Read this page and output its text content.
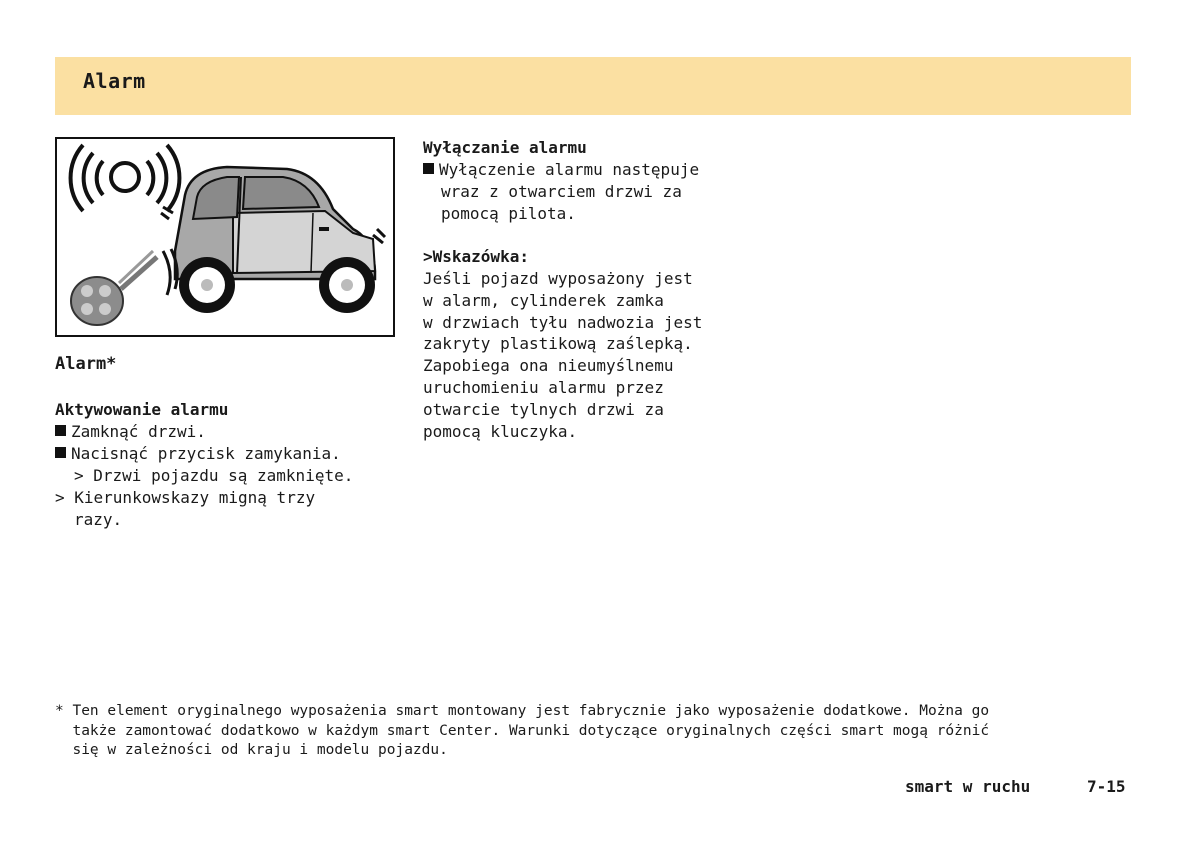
Alarm
Alarm*
Aktywowanie alarmu
Zamknąć drzwi.
Nacisnąć przycisk zamykania.
> Drzwi pojazdu są zamknięte.
> Kierunkowskazy migną trzy
razy.
Wyłączanie alarmu
Wyłączenie alarmu następuje
wraz z otwarciem drzwi za
pomocą pilota.
>Wskazówka:
Jeśli pojazd wyposażony jest
w alarm, cylinderek zamka
w drzwiach tyłu nadwozia jest
zakryty plastikową zaślepką.
Zapobiega ona nieumyślnemu
uruchomieniu alarmu przez
otwarcie tylnych drzwi za
pomocą kluczyka.
* Ten element oryginalnego wyposażenia smart montowany jest fabrycznie jako wyposażenie dodatkowe. Można go
także zamontować dodatkowo w każdym smart Center. Warunki dotyczące oryginalnych części smart mogą różnić
się w zależności od kraju i modelu pojazdu.
smart w ruchu	7-15
